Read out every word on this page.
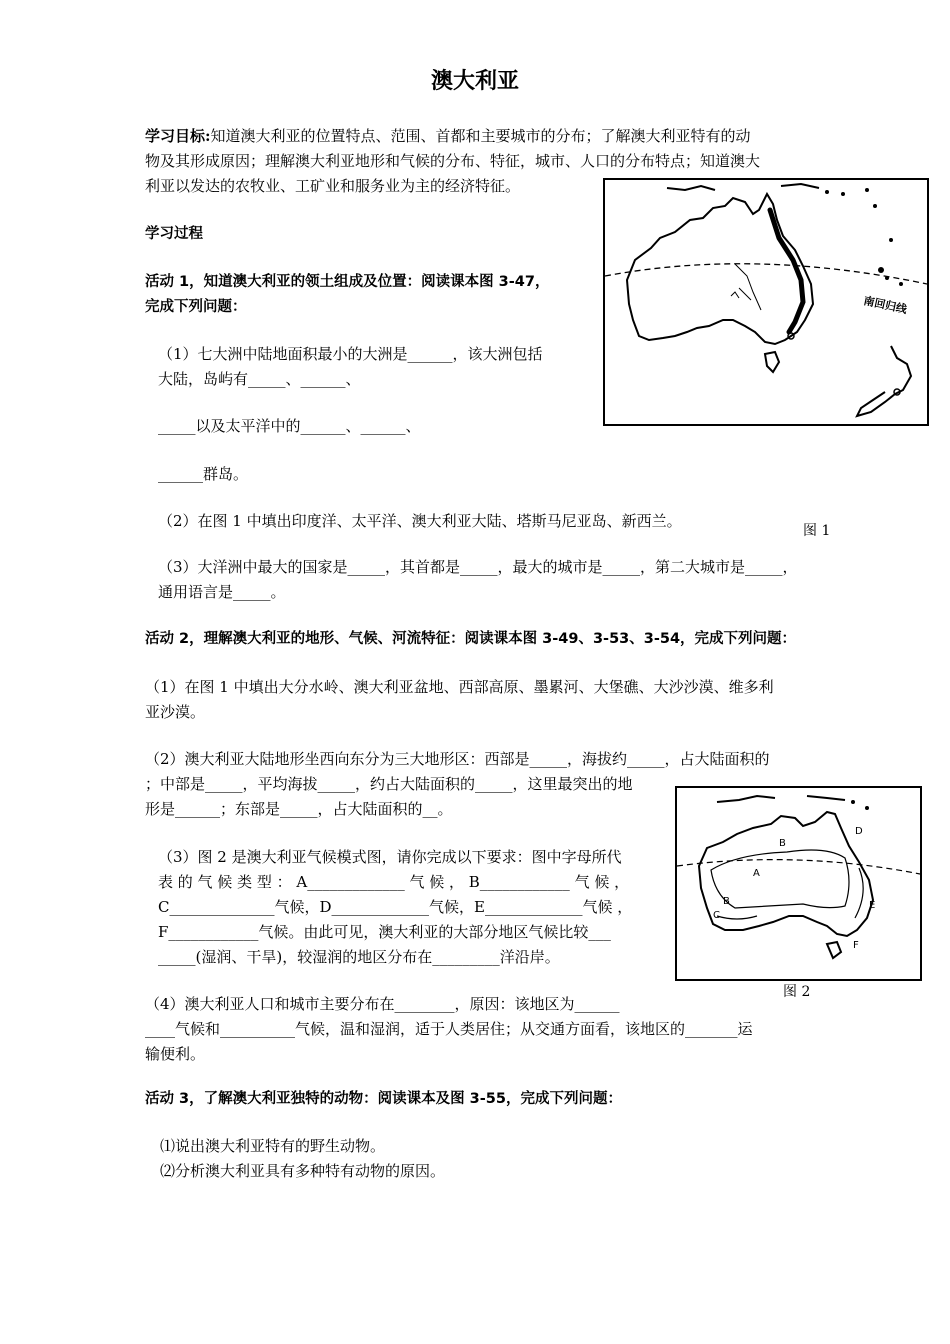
澳大利亚
学习目标:知道澳大利亚的位置特点、范围、首都和主要城市的分布；了解澳大利亚特有的动
物及其形成原因；理解澳大利亚地形和气候的分布、特征，城市、人口的分布特点；知道澳大
利亚以发达的农牧业、工矿业和服务业为主的经济特征。
学习过程
活动 1，知道澳大利亚的领土组成及位置：阅读课本图 3-47，
完成下列问题：
（1）七大洲中陆地面积最小的大洲是______，该大洲包括
大陆，岛屿有_____、______、
_____以及太平洋中的______、______、
______群岛。
（2）在图 1 中填出印度洋、太平洋、澳大利亚大陆、塔斯马尼亚岛、新西兰。
（3）大洋洲中最大的国家是_____，其首都是_____，最大的城市是_____，第二大城市是_____，
通用语言是_____。
南回归线
图 1
活动 2，理解澳大利亚的地形、气候、河流特征：阅读课本图 3-49、3-53、3-54，完成下列问题：
（1）在图 1 中填出大分水岭、澳大利亚盆地、西部高原、墨累河、大堡礁、大沙沙漠、维多利
亚沙漠。
（2）澳大利亚大陆地形坐西向东分为三大地形区：西部是_____，海拔约_____，占大陆面积的
；中部是_____，平均海拔_____，约占大陆面积的_____，这里最突出的地
形是______；东部是_____，占大陆面积的__。
（3）图 2 是澳大利亚气候模式图，请你完成以下要求：图中字母所代
表 的 气 候 类 型 ： A_____________ 气 候 ， B____________ 气 候 ，
C______________气候，D_____________气候，E_____________气候 ，
F____________气候。由此可见，澳大利亚的大部分地区气候比较___
_____(湿润、干旱)，较湿润的地区分布在_________洋沿岸。
（4）澳大利亚人口和城市主要分布在________，原因：该地区为______
____气候和__________气候，温和湿润，适于人类居住；从交通方面看，该地区的_______运
输便利。
A
B
B
C
D
E
F
图 2
活动 3，了解澳大利亚独特的动物：阅读课本及图 3-55，完成下列问题：
⑴说出澳大利亚特有的野生动物。
⑵分析澳大利亚具有多种特有动物的原因。
